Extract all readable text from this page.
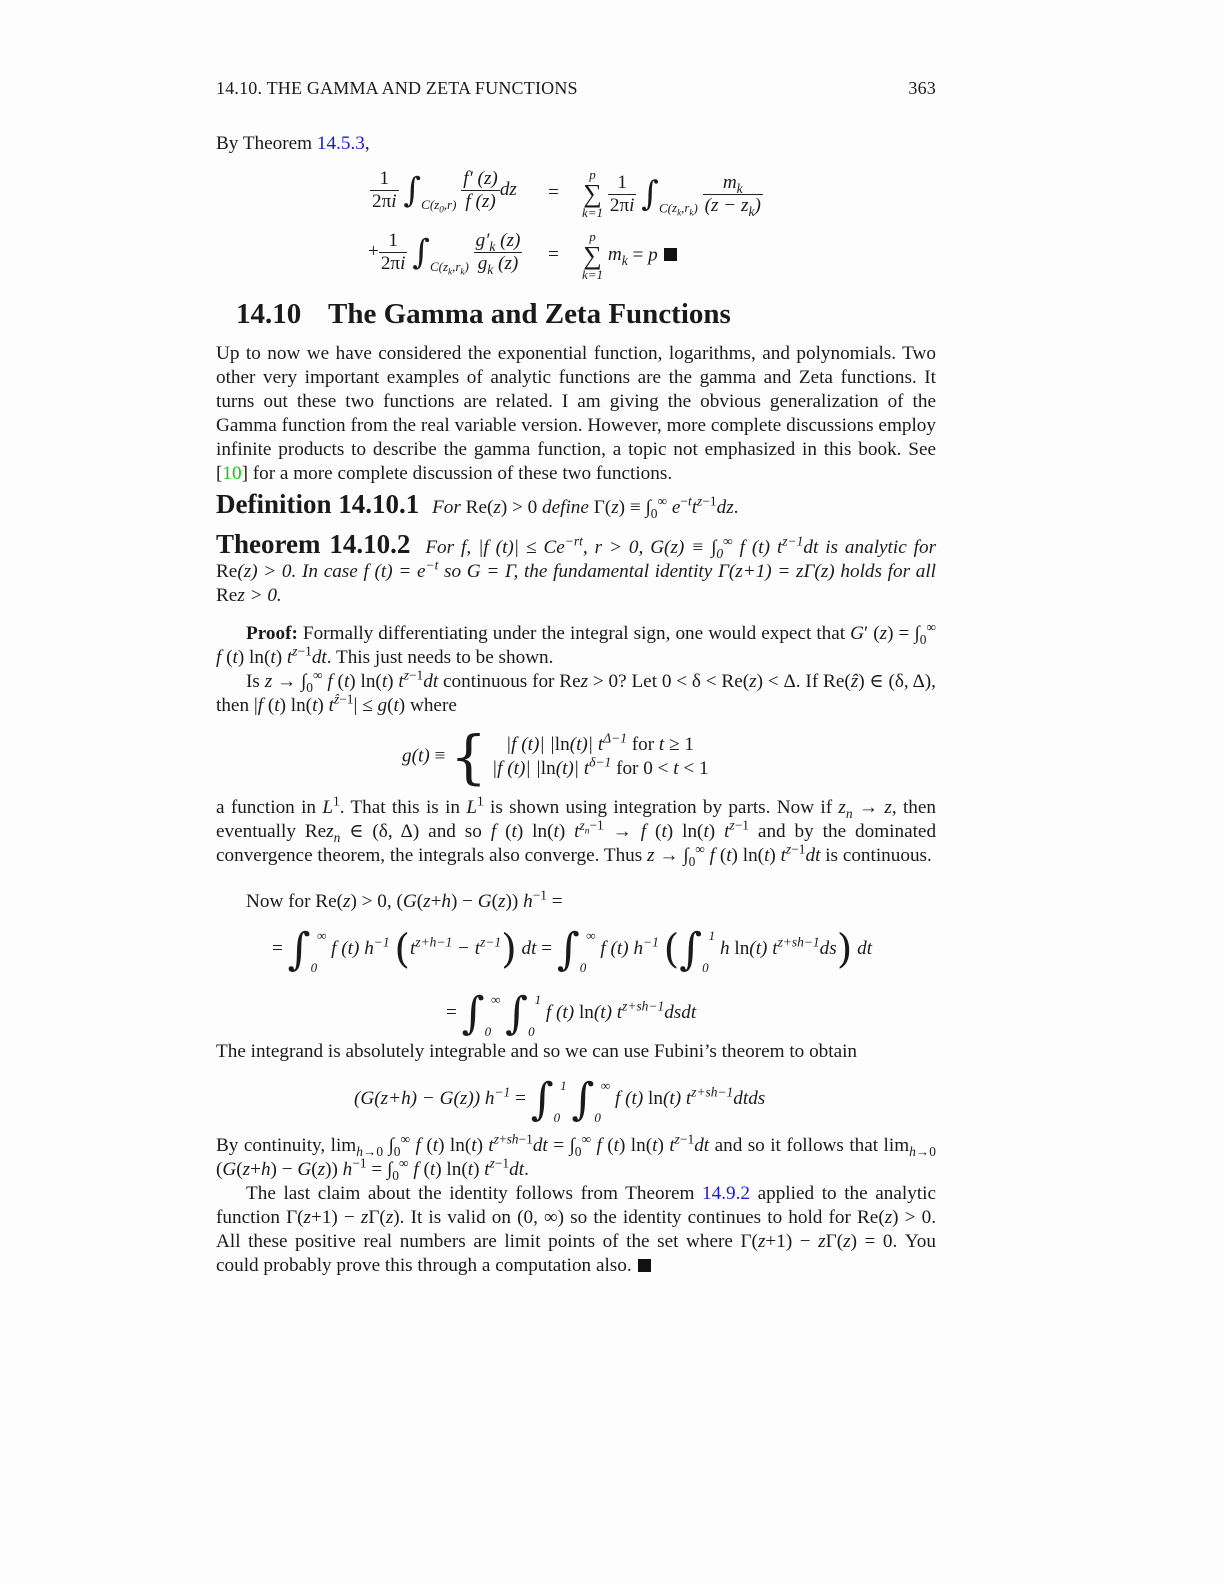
14.10. THE GAMMA AND ZETA FUNCTIONS	363
By Theorem 14.5.3,
$\frac{1}{2\pi i} \int_{C(z_0,r)} \frac{f' (z)}{f (z)}$ dz =
p
∑
k=1
$\frac{1}{2\pi i} \int_{C(z_k,r_k)} \frac{m_k}{(z - z_k)}$
+ $\frac{1}{2\pi i} \int_{C(z_k,r_k)} \frac{g'_k (z)}{g_k (z)}$ =
p
∑
k=1
$m_k = p$
14.10 The Gamma and Zeta Functions
Up to now we have considered the exponential function, logarithms, and polynomials. Two other very important examples of analytic functions are the gamma and Zeta functions. It turns out these two functions are related. I am giving the obvious generalization of the Gamma function from the real variable version. However, more complete discussions employ infinite products to describe the gamma function, a topic not emphasized in this book. See [10] for a more complete discussion of these two functions.
Definition 14.10.1 For Re(z) > 0 define $\Gamma(z) \equiv \int_0^\infty$ $e^{-t}t^{z-1}dz$.
Theorem 14.10.2 For f, |f $(t)| \le Ce^{-rt}$, r > 0, $G(z) \equiv \int_0^\infty$ f (t) $t^{z-1}dt$ is analytic for Re(z) > 0. In case f $(t) = e^{-t}$ so G = Γ, the fundamental identity Γ(z+1) = zΓ(z) holds for all Rez > 0.
Proof: Formally differentiating under the integral sign, one would expect that G′ $(z) = \int_0^\infty$ f (t) ln(t) $t^{z-1}dt$. This just needs to be shown.
Is $z \to \int_0^\infty$ f (t) ln(t) $t^{z-1}dt$ continuous for Rez > 0? Let 0 < δ < Re(z) < Δ. If Re(ẑ) ∈ (δ, Δ), then |f (t) ln(t) $t^{ẑ-1}| \le g(t)$ where
g(t) ≡ { |f (t)| |ln(t)| $t^{\Delta-1}$ for t ≥ 1
|f (t)| |ln(t)| $t^{\delta-1}$ for 0 < t < 1
a function in $L^1$. That this is in $L^1$ is shown using integration by parts. Now if $z_n \to z$, then eventually Rez$_n$ ∈ (δ, Δ) and so f (t) ln(t) $t^{z_n-1} \to f$ (t) ln(t) $t^{z-1}$ and by the dominated convergence theorem, the integrals also converge. Thus $z \to \int_0^\infty$ f (t) ln(t) $t^{z-1}dt$ is continuous.
Now for Re(z) > 0, (G(z+h) − G(z)) $h^{-1}$ =
= $\int_0^\infty$ f (t) $h^{-1}$ $(t^{z+h-1} - t^{z-1})$ dt = $\int_0^\infty$ f (t) $h^{-1}$ ($\int_0^1$ h ln(t) $t^{z+sh-1}ds$) dt
= $\int_0^\infty$ $\int_0^1$ f (t) ln(t) $t^{z+sh-1}dsdt$
The integrand is absolutely integrable and so we can use Fubini’s theorem to obtain
(G(z+h) − G(z)) $h^{-1} = \int_0^1$ $\int_0^\infty$ f (t) ln(t) $t^{z+sh-1}dtds$
By continuity, $\lim_{h\to 0} \int_0^\infty$ f (t) ln(t) $t^{z+sh-1}dt = \int_0^\infty$ f (t) ln(t) $t^{z-1}dt$ and so it follows that $\lim_{h\to 0} (G(z+h) - G(z)) h^{-1} = \int_0^\infty$ f (t) ln(t) $t^{z-1}dt$.
The last claim about the identity follows from Theorem 14.9.2 applied to the analytic function Γ(z+1) − zΓ(z). It is valid on (0, ∞) so the identity continues to hold for Re(z) > 0. All these positive real numbers are limit points of the set where Γ(z+1) − zΓ(z) = 0. You could probably prove this through a computation also.
